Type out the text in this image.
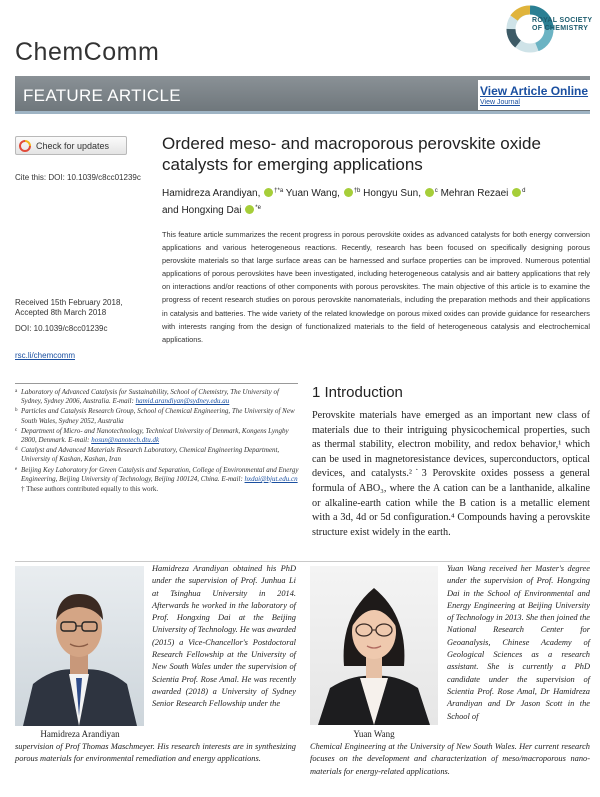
ChemComm
ROYAL SOCIETY
OF CHEMISTRY
FEATURE ARTICLE	View Article Online
View Journal
Check for updates
Cite this: DOI: 10.1039/c8cc01239c
Received 15th February 2018,
Accepted 8th March 2018
DOI: 10.1039/c8cc01239c
rsc.li/chemcomm
Ordered meso- and macroporous perovskite oxide catalysts for emerging applications
Hamidreza Arandiyan, $^{\dagger*a}$ Yuan Wang, $^{\dagger b}$ Hongyu Sun, $^c$ Mehran Rezaei $^d$
and Hongxing Dai $^{*e}$
This feature article summarizes the recent progress in porous perovskite oxides as advanced catalysts for both energy conversion applications and various heterogeneous reactions. Recently, research has been focused on specifically designing porous perovskite materials so that large surface areas can be harnessed and surface properties can be improved. Numerous potential applications of porous perovskites have been investigated, including heterogeneous catalysis and air battery applications that rely on interactions and/or reactions of other components with porous perovskites. The main objective of this article is to examine the progress of recent research studies on porous perovskite nanomaterials, including the preparation methods and their applications in catalysis and batteries. The wide variety of the related knowledge on porous mixed oxides can provide guidance for researchers with interests ranging from the design of functionalized materials to the field of heterogeneous catalysis and electrochemical applications.
a Laboratory of Advanced Catalysis for Sustainability, School of Chemistry, The University of Sydney, Sydney 2006, Australia. E-mail: hamid.arandiyan@sydney.edu.au
b Particles and Catalysis Research Group, School of Chemical Engineering, The University of New South Wales, Sydney 2052, Australia
c Department of Micro- and Nanotechnology, Technical University of Denmark, Kongens Lyngby 2800, Denmark. E-mail: hosun@nanotech.dtu.dk
d Catalyst and Advanced Materials Research Laboratory, Chemical Engineering Department, University of Kashan, Kashan, Iran
e Beijing Key Laboratory for Green Catalysis and Separation, College of Environmental and Energy Engineering, Beijing University of Technology, Beijing 100124, China. E-mail: hxdai@bjut.edu.cn
† These authors contributed equally to this work.
1 Introduction
Perovskite materials have emerged as an important new class of materials due to their intriguing physicochemical properties, such as thermal stability, electron mobility, and redox behavior,¹ which can be used in magnetoresistance devices, superconductors, optical devices, and catalysts.²˙3 Perovskite oxides possess a general formula of ABO₃, where the A cation can be a lanthanide, alkaline or alkaline-earth cation while the B cation is a metallic element with a 3d, 4d or 5d configuration.⁴ Compounds having a perovskite structure exist widely in the earth.
Hamidreza Arandiyan
Hamidreza Arandiyan obtained his PhD under the supervision of Prof. Junhua Li at Tsinghua University in 2014. Afterwards he worked in the laboratory of Prof. Hongxing Dai at the Beijing University of Technology. He was awarded (2015) a Vice-Chancellor's Postdoctoral Research Fellowship at the University of New South Wales under the supervision of Scientia Prof. Rose Amal. He was recently awarded (2018) a University of Sydney Senior Research Fellowship under the
supervision of Prof Thomas Maschmeyer. His research interests are in synthesizing porous materials for environmental remediation and energy applications.
Yuan Wang
Yuan Wang received her Master's degree under the supervision of Prof. Hongxing Dai in the School of Environmental and Energy Engineering at Beijing University of Technology in 2013. She then joined the National Research Center for Geoanalysis, Chinese Academy of Geological Sciences as a research assistant. She is currently a PhD candidate under the supervision of Scientia Prof. Rose Amal, Dr Hamidreza Arandiyan and Dr Jason Scott in the School of
Chemical Engineering at the University of New South Wales. Her current research focuses on the development and characterization of meso/macroporous nano-materials for energy-related applications.
